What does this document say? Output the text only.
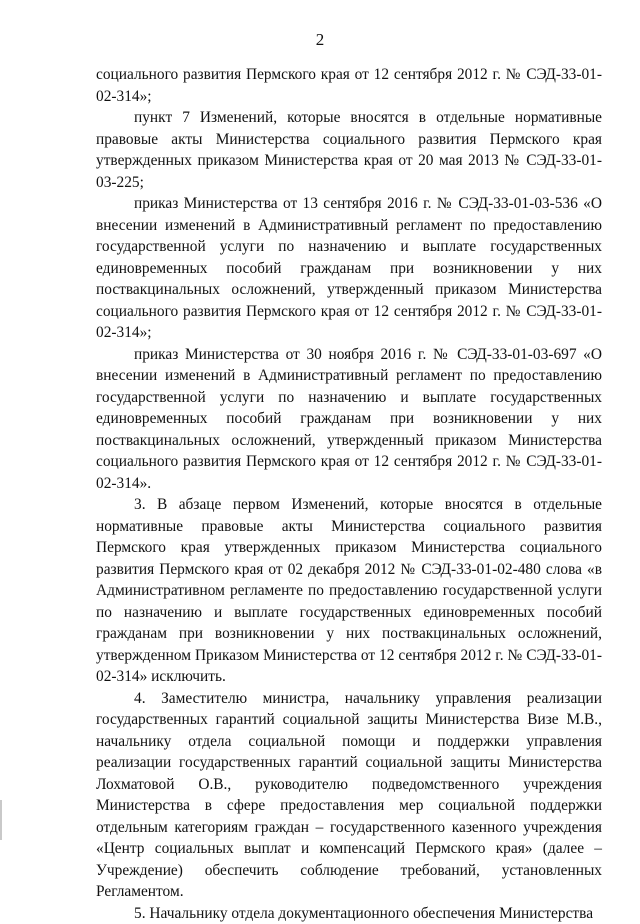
2

социального развития Пермского края от 12 сентября 2012 г. № СЭД-33-01-02-314»;

пункт 7 Изменений, которые вносятся в отдельные нормативные правовые акты Министерства социального развития Пермского края утвержденных приказом Министерства края от 20 мая 2013 № СЭД-33-01-03-225;

приказ Министерства от 13 сентября 2016 г. № СЭД-33-01-03-536 «О внесении изменений в Административный регламент по предоставлению государственной услуги по назначению и выплате государственных единовременных пособий гражданам при возникновении у них поствакцинальных осложнений, утвержденный приказом Министерства социального развития Пермского края от 12 сентября 2012 г. № СЭД-33-01-02-314»;

приказ Министерства от 30 ноября 2016 г. № СЭД-33-01-03-697 «О внесении изменений в Административный регламент по предоставлению государственной услуги по назначению и выплате государственных единовременных пособий гражданам при возникновении у них поствакцинальных осложнений, утвержденный приказом Министерства социального развития Пермского края от 12 сентября 2012 г. № СЭД-33-01-02-314».

3. В абзаце первом Изменений, которые вносятся в отдельные нормативные правовые акты Министерства социального развития Пермского края утвержденных приказом Министерства социального развития Пермского края от 02 декабря 2012 № СЭД-33-01-02-480 слова «в Административном регламенте по предоставлению государственной услуги по назначению и выплате государственных единовременных пособий гражданам при возникновении у них поствакцинальных осложнений, утвержденном Приказом Министерства от 12 сентября 2012 г. № СЭД-33-01-02-314» исключить.

4. Заместителю министра, начальнику управления реализации государственных гарантий социальной защиты Министерства Визе М.В., начальнику отдела социальной помощи и поддержки управления реализации государственных гарантий социальной защиты Министерства Лохматовой О.В., руководителю подведомственного учреждения Министерства в сфере предоставления мер социальной поддержки отдельным категориям граждан – государственного казенного учреждения «Центр социальных выплат и компенсаций Пермского края» (далее – Учреждение) обеспечить соблюдение требований, установленных Регламентом.

5. Начальнику отдела документационного обеспечения Министерства
